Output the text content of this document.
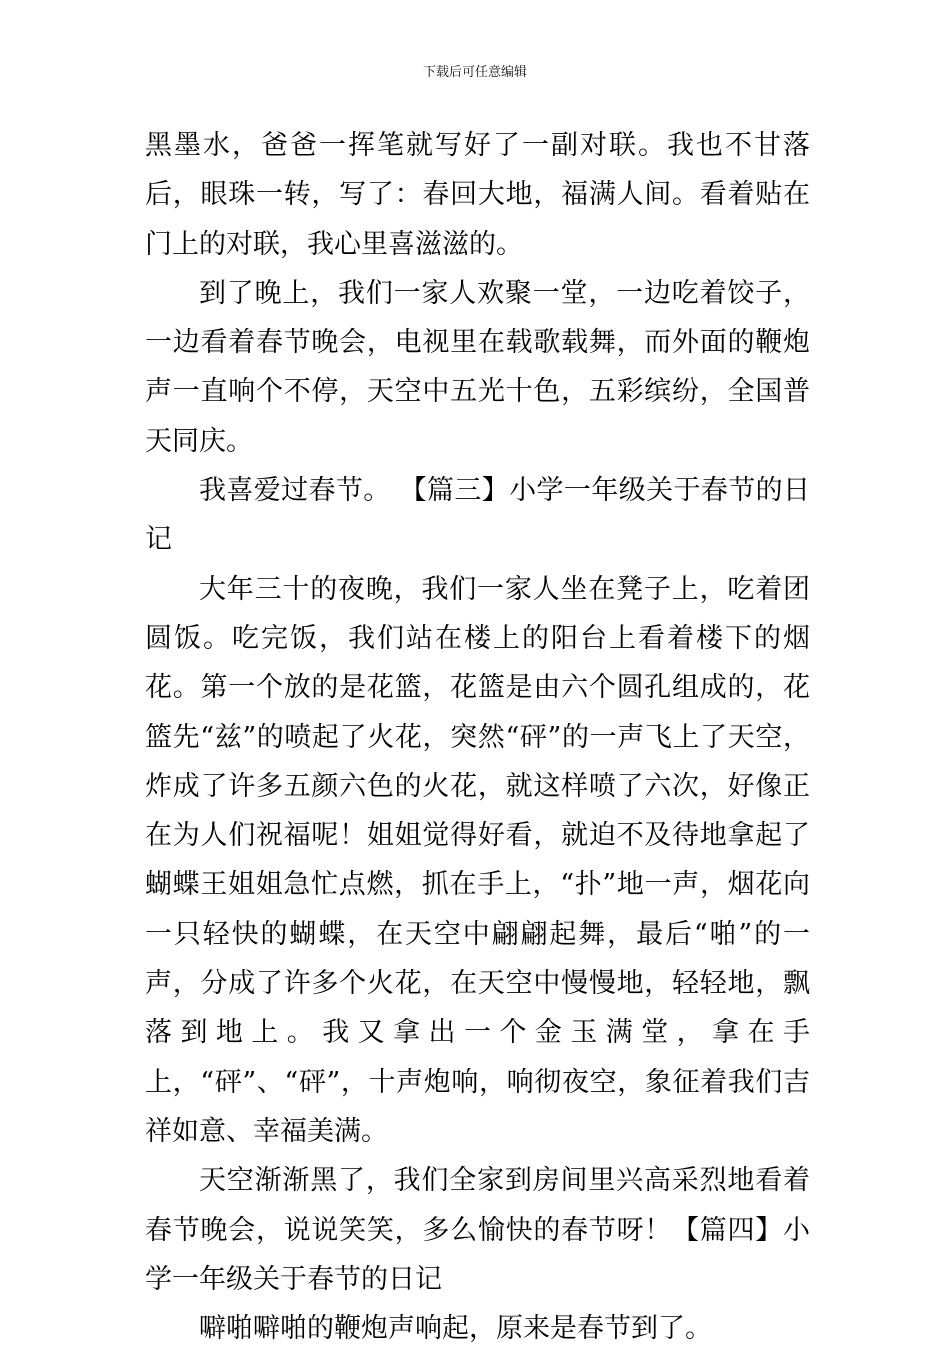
下载后可任意编辑

黑墨水，爸爸一挥笔就写好了一副对联。我也不甘落后，眼珠一转，写了：春回大地，福满人间。看着贴在门上的对联，我心里喜滋滋的。

到了晚上，我们一家人欢聚一堂，一边吃着饺子，一边看着春节晚会，电视里在载歌载舞，而外面的鞭炮声一直响个不停，天空中五光十色，五彩缤纷，全国普天同庆。

我喜爱过春节。 【篇三】小学一年级关于春节的日记

大年三十的夜晚，我们一家人坐在凳子上，吃着团圆饭。吃完饭，我们站在楼上的阳台上看着楼下的烟花。第一个放的是花篮，花篮是由六个圆孔组成的，花篮先“兹”的喷起了火花，突然“砰”的一声飞上了天空，炸成了许多五颜六色的火花，就这样喷了六次，好像正在为人们祝福呢！姐姐觉得好看，就迫不及待地拿起了蝴蝶王姐姐急忙点燃，抓在手上，“扑”地一声，烟花向一只轻快的蝴蝶，在天空中翩翩起舞，最后“啪”的一声，分成了许多个火花，在天空中慢慢地，轻轻地，飘落到地上。我又拿出一个金玉满堂，拿在手上，“砰”、“砰”，十声炮响，响彻夜空，象征着我们吉祥如意、幸福美满。

天空渐渐黑了，我们全家到房间里兴高采烈地看着春节晚会，说说笑笑，多么愉快的春节呀！【篇四】小学一年级关于春节的日记

噼啪噼啪的鞭炮声响起，原来是春节到了。
